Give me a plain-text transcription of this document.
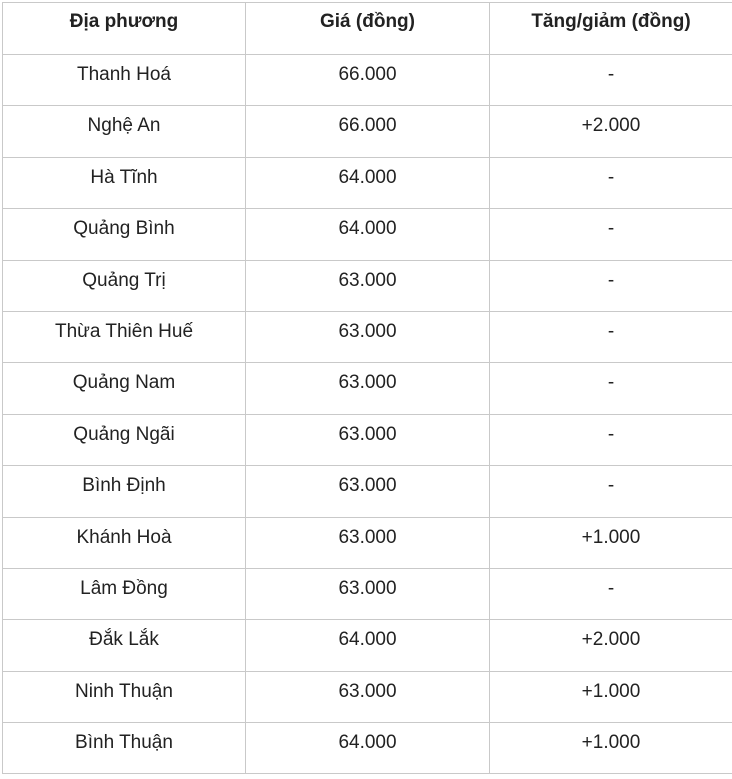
Địa phương	Giá (đồng)	Tăng/giảm (đồng)
Thanh Hoá	66.000	-
Nghệ An	66.000	+2.000
Hà Tĩnh	64.000	-
Quảng Bình	64.000	-
Quảng Trị	63.000	-
Thừa Thiên Huế	63.000	-
Quảng Nam	63.000	-
Quảng Ngãi	63.000	-
Bình Định	63.000	-
Khánh Hoà	63.000	+1.000
Lâm Đồng	63.000	-
Đắk Lắk	64.000	+2.000
Ninh Thuận	63.000	+1.000
Bình Thuận	64.000	+1.000
